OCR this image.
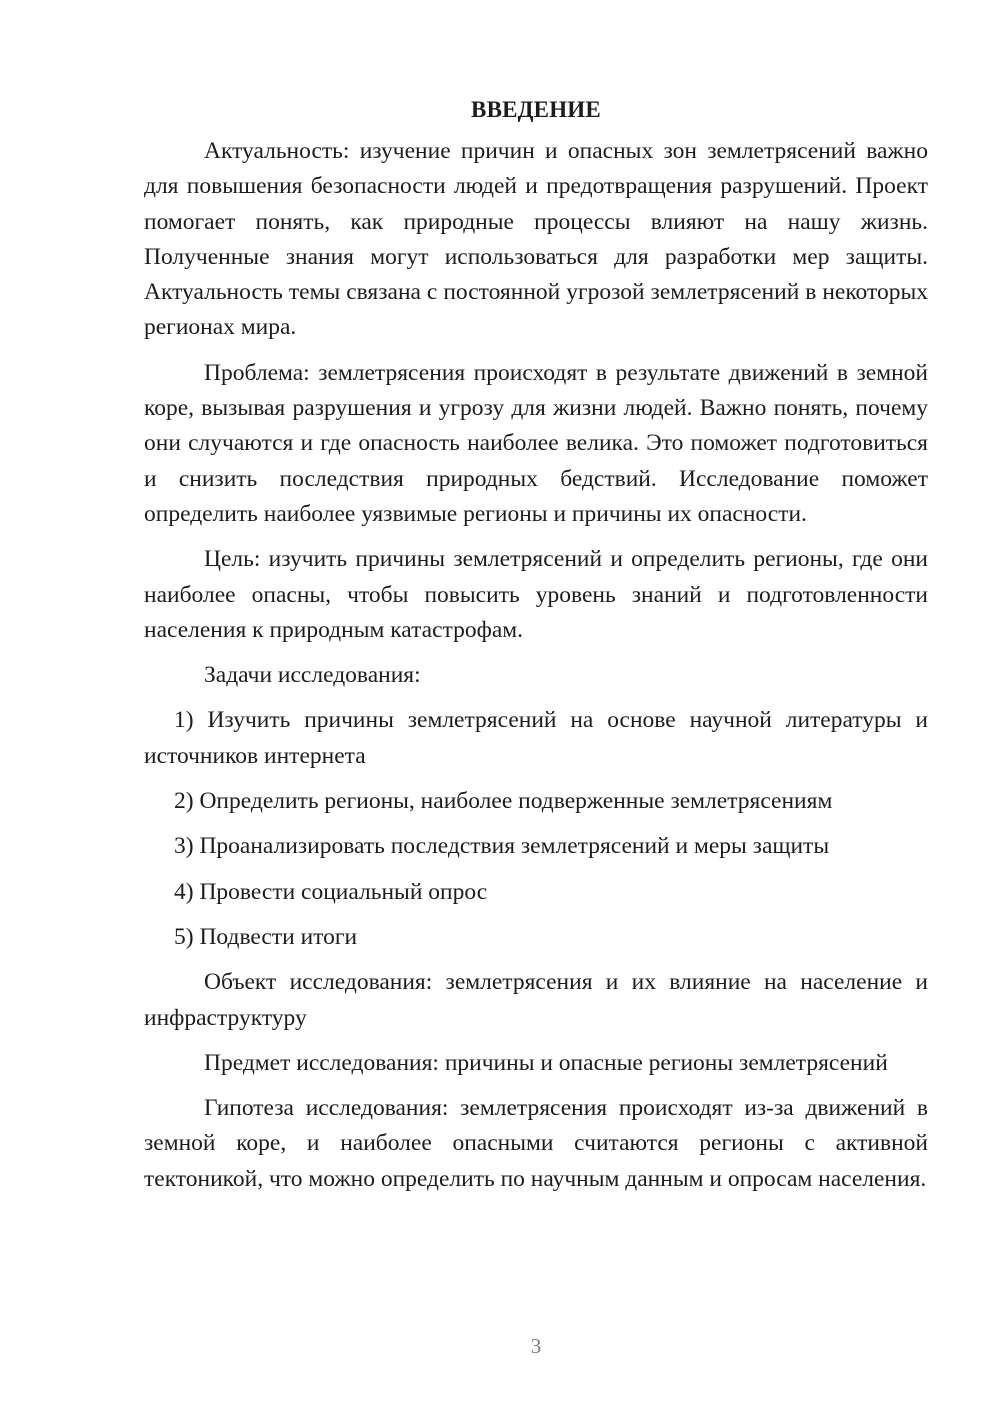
ВВЕДЕНИЕ

Актуальность: изучение причин и опасных зон землетрясений важно для повышения безопасности людей и предотвращения разрушений. Проект помогает понять, как природные процессы влияют на нашу жизнь. Полученные знания могут использоваться для разработки мер защиты. Актуальность темы связана с постоянной угрозой землетрясений в некоторых регионах мира.

Проблема: землетрясения происходят в результате движений в земной коре, вызывая разрушения и угрозу для жизни людей. Важно понять, почему они случаются и где опасность наиболее велика. Это поможет подготовиться и снизить последствия природных бедствий. Исследование поможет определить наиболее уязвимые регионы и причины их опасности.

Цель: изучить причины землетрясений и определить регионы, где они наиболее опасны, чтобы повысить уровень знаний и подготовленности населения к природным катастрофам.

Задачи исследования:

1) Изучить причины землетрясений на основе научной литературы и источников интернета

2) Определить регионы, наиболее подверженные землетрясениям

3) Проанализировать последствия землетрясений и меры защиты

4) Провести социальный опрос

5) Подвести итоги

Объект исследования: землетрясения и их влияние на население и инфраструктуру

Предмет исследования: причины и опасные регионы землетрясений

Гипотеза исследования: землетрясения происходят из-за движений в земной коре, и наиболее опасными считаются регионы с активной тектоникой, что можно определить по научным данным и опросам населения.

3
